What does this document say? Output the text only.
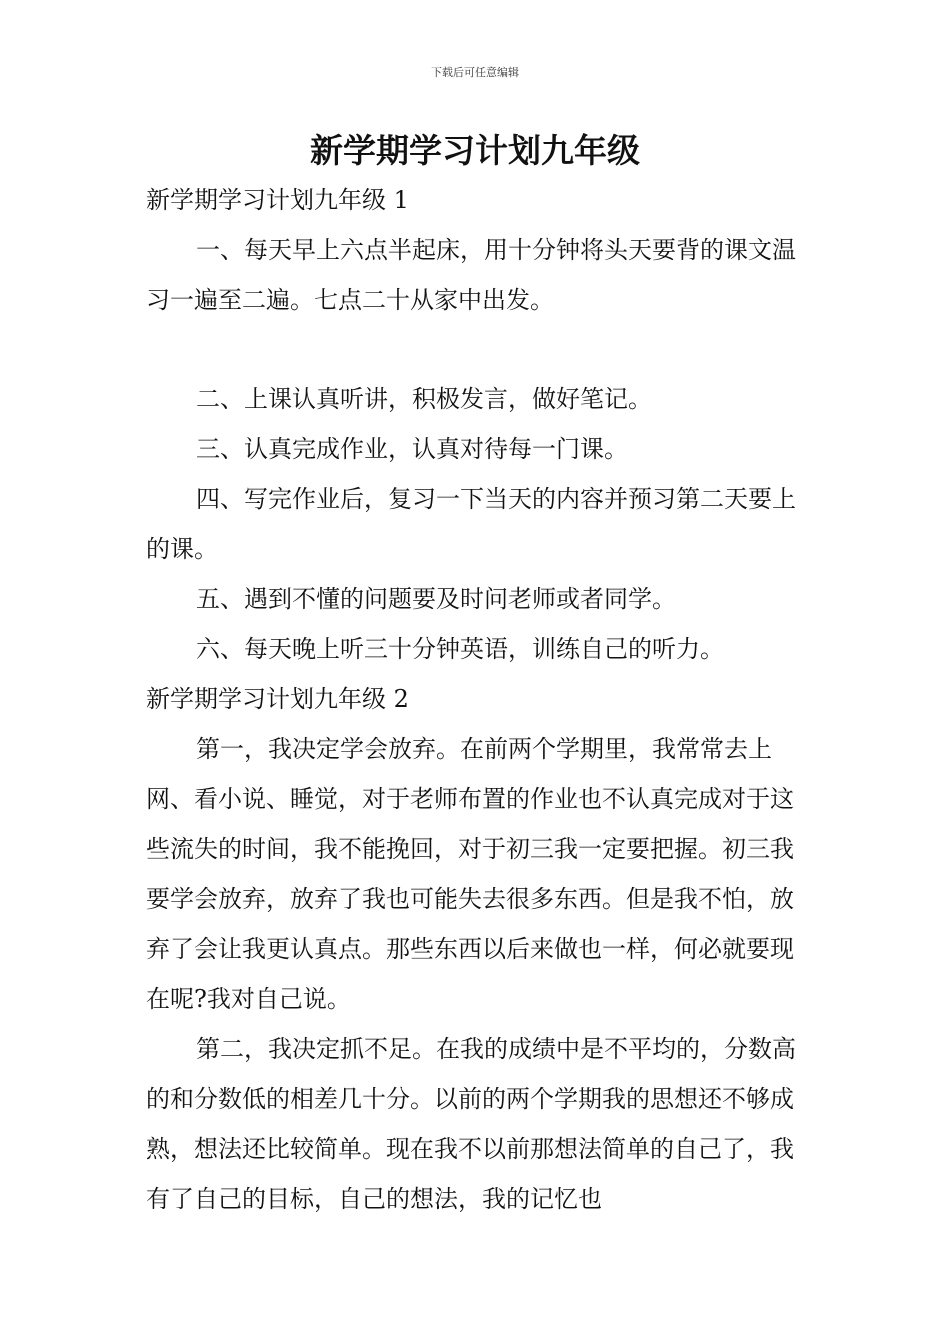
下载后可任意编辑
新学期学习计划九年级
新学期学习计划九年级 1

一、每天早上六点半起床，用十分钟将头天要背的课文温习一遍至二遍。七点二十从家中出发。

二、上课认真听讲，积极发言，做好笔记。

三、认真完成作业，认真对待每一门课。

四、写完作业后，复习一下当天的内容并预习第二天要上的课。

五、遇到不懂的问题要及时问老师或者同学。

六、每天晚上听三十分钟英语，训练自己的听力。

新学期学习计划九年级 2

第一，我决定学会放弃。在前两个学期里，我常常去上网、看小说、睡觉，对于老师布置的作业也不认真完成对于这些流失的时间，我不能挽回，对于初三我一定要把握。初三我要学会放弃，放弃了我也可能失去很多东西。但是我不怕，放弃了会让我更认真点。那些东西以后来做也一样，何必就要现在呢?我对自己说。

第二，我决定抓不足。在我的成绩中是不平均的，分数高的和分数低的相差几十分。以前的两个学期我的思想还不够成熟，想法还比较简单。现在我不以前那想法简单的自己了，我有了自己的目标，自己的想法，我的记忆也
